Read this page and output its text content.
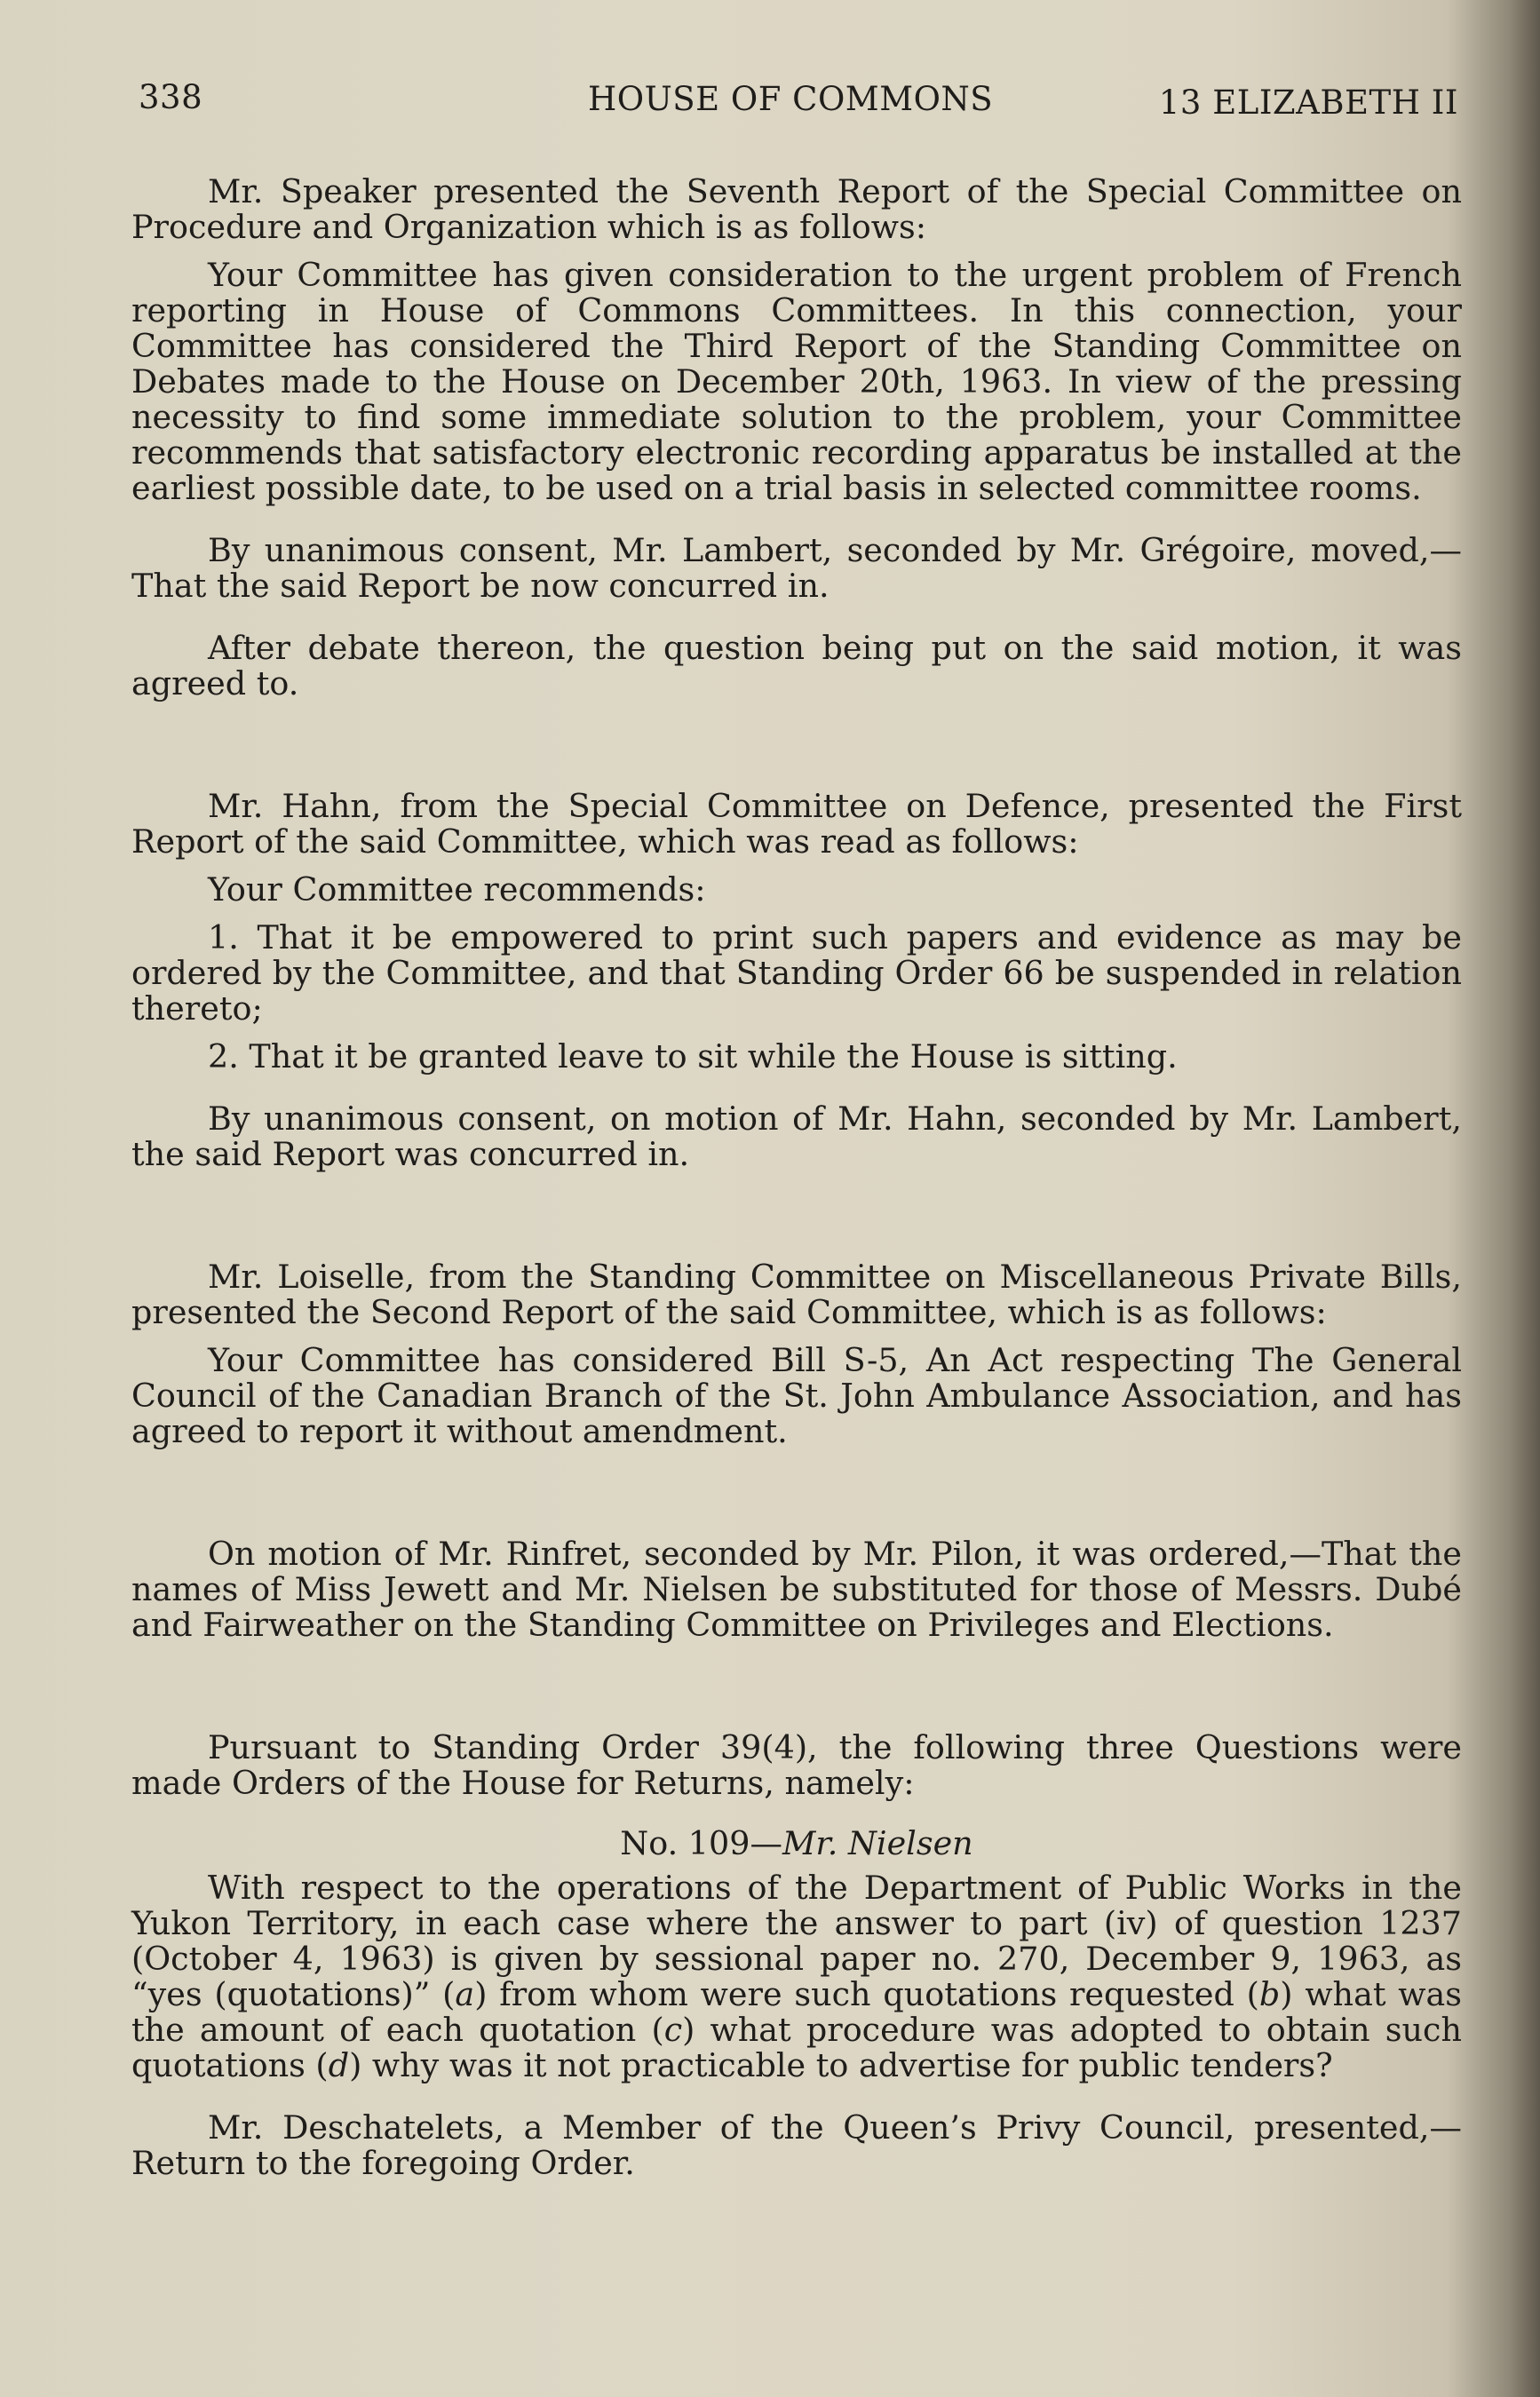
338	HOUSE OF COMMONS	13 ELIZABETH II

Mr. Speaker presented the Seventh Report of the Special Committee on Procedure and Organization which is as follows:

Your Committee has given consideration to the urgent problem of French reporting in House of Commons Committees. In this connection, your Committee has considered the Third Report of the Standing Committee on Debates made to the House on December 20th, 1963. In view of the pressing necessity to find some immediate solution to the problem, your Committee recommends that satisfactory electronic recording apparatus be installed at the earliest possible date, to be used on a trial basis in selected committee rooms.

By unanimous consent, Mr. Lambert, seconded by Mr. Grégoire, moved,—That the said Report be now concurred in.

After debate thereon, the question being put on the said motion, it was agreed to.

Mr. Hahn, from the Special Committee on Defence, presented the First Report of the said Committee, which was read as follows:

Your Committee recommends:

1. That it be empowered to print such papers and evidence as may be ordered by the Committee, and that Standing Order 66 be suspended in relation thereto;

2. That it be granted leave to sit while the House is sitting.

By unanimous consent, on motion of Mr. Hahn, seconded by Mr. Lambert, the said Report was concurred in.

Mr. Loiselle, from the Standing Committee on Miscellaneous Private Bills, presented the Second Report of the said Committee, which is as follows:

Your Committee has considered Bill S-5, An Act respecting The General Council of the Canadian Branch of the St. John Ambulance Association, and has agreed to report it without amendment.

On motion of Mr. Rinfret, seconded by Mr. Pilon, it was ordered,—That the names of Miss Jewett and Mr. Nielsen be substituted for those of Messrs. Dubé and Fairweather on the Standing Committee on Privileges and Elections.

Pursuant to Standing Order 39(4), the following three Questions were made Orders of the House for Returns, namely:

No. 109—Mr. Nielsen

With respect to the operations of the Department of Public Works in the Yukon Territory, in each case where the answer to part (iv) of question 1237 (October 4, 1963) is given by sessional paper no. 270, December 9, 1963, as “yes (quotations)” (a) from whom were such quotations requested (b) what was the amount of each quotation (c) what procedure was adopted to obtain such quotations (d) why was it not practicable to advertise for public tenders?

Mr. Deschatelets, a Member of the Queen’s Privy Council, presented,—Return to the foregoing Order.
